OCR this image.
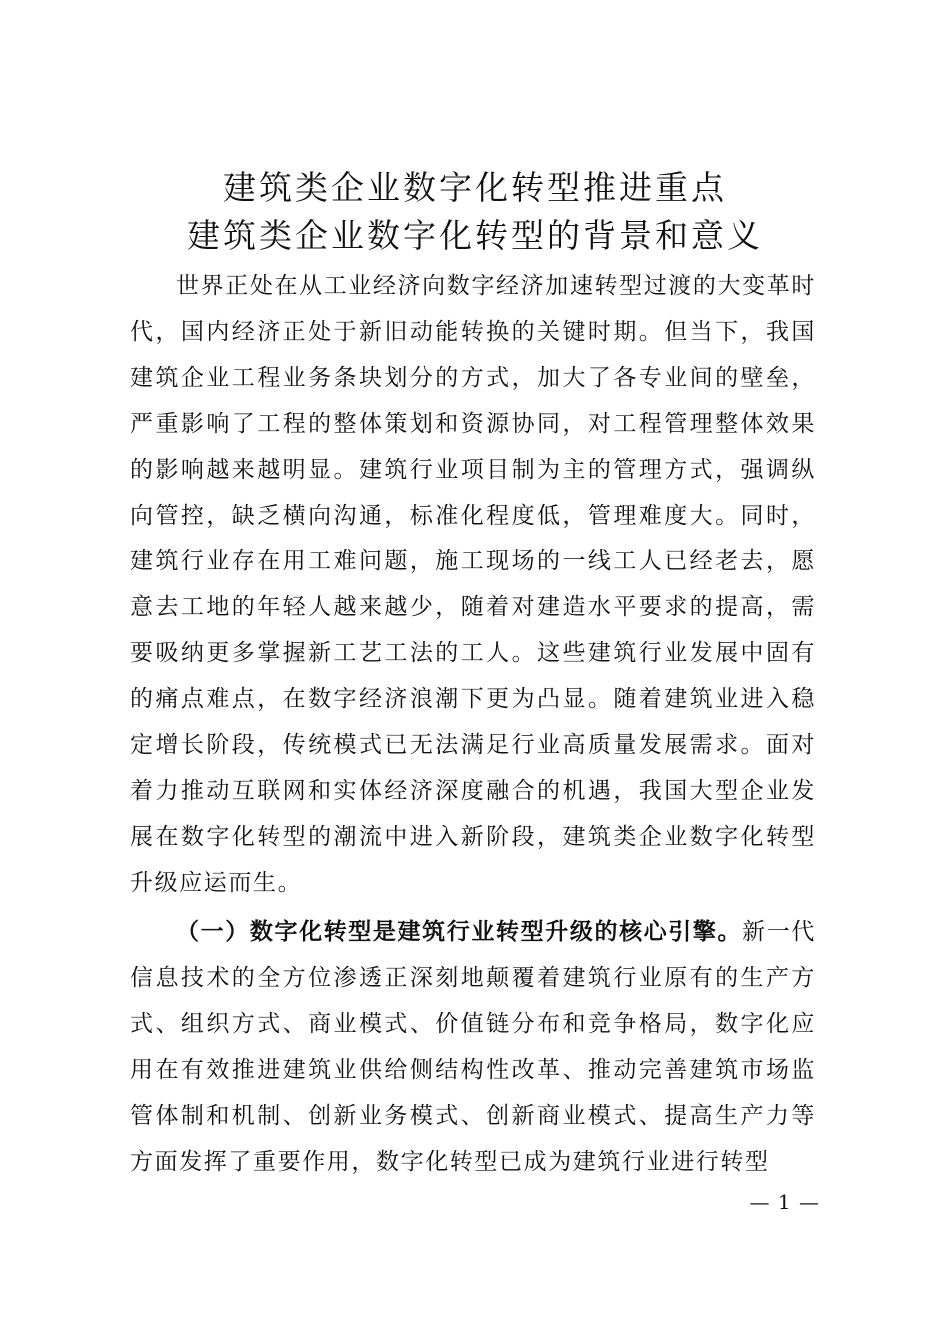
建筑类企业数字化转型推进重点
建筑类企业数字化转型的背景和意义

世界正处在从工业经济向数字经济加速转型过渡的大变革时代，国内经济正处于新旧动能转换的关键时期。但当下，我国建筑企业工程业务条块划分的方式，加大了各专业间的壁垒，严重影响了工程的整体策划和资源协同，对工程管理整体效果的影响越来越明显。建筑行业项目制为主的管理方式，强调纵向管控，缺乏横向沟通，标准化程度低，管理难度大。同时，建筑行业存在用工难问题，施工现场的一线工人已经老去，愿意去工地的年轻人越来越少，随着对建造水平要求的提高，需要吸纳更多掌握新工艺工法的工人。这些建筑行业发展中固有的痛点难点，在数字经济浪潮下更为凸显。随着建筑业进入稳定增长阶段，传统模式已无法满足行业高质量发展需求。面对着力推动互联网和实体经济深度融合的机遇，我国大型企业发展在数字化转型的潮流中进入新阶段，建筑类企业数字化转型升级应运而生。

（一）数字化转型是建筑行业转型升级的核心引擎。新一代信息技术的全方位渗透正深刻地颠覆着建筑行业原有的生产方式、组织方式、商业模式、价值链分布和竞争格局，数字化应用在有效推进建筑业供给侧结构性改革、推动完善建筑市场监管体制和机制、创新业务模式、创新商业模式、提高生产力等方面发挥了重要作用，数字化转型已成为建筑行业进行转型

— 1 —
